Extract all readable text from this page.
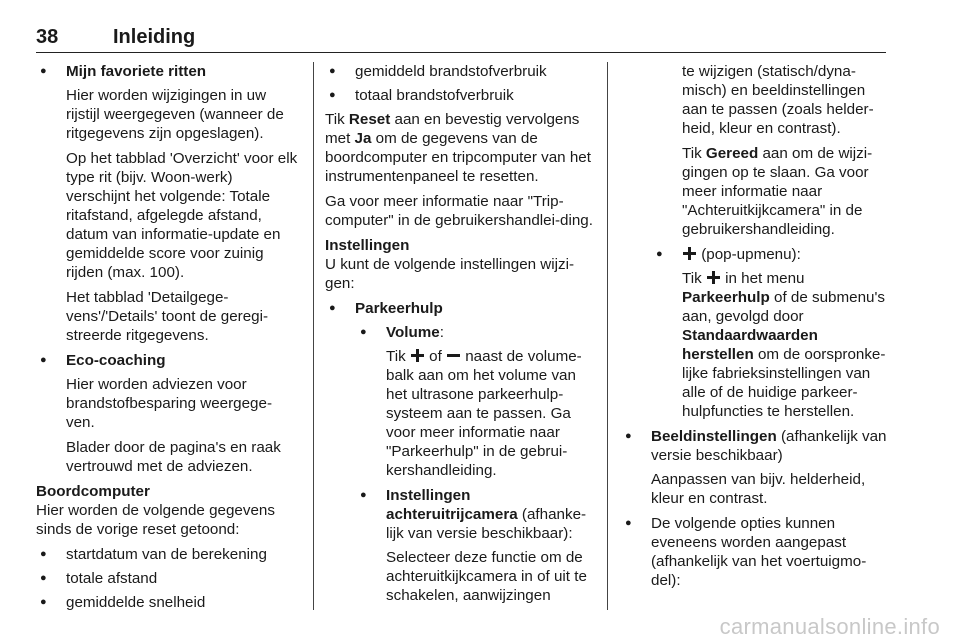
38	Inleiding
● Mijn favoriete ritten
Hier worden wijzigingen in uw rijstijl weergegeven (wanneer de ritgegevens zijn opgeslagen).
Op het tabblad 'Overzicht' voor elk type rit (bijv. Woon-werk) verschijnt het volgende: Totale ritafstand, afgelegde afstand, datum van informatie-update en gemiddelde score voor zuinig rijden (max. 100).
Het tabblad 'Detailgege-vens'/'Details' toont de geregi-streerde ritgegevens.
● Eco-coaching
Hier worden adviezen voor brandstofbesparing weergege-ven.
Blader door de pagina's en raak vertrouwd met de adviezen.
Boordcomputer
Hier worden de volgende gegevens sinds de vorige reset getoond:
● startdatum van de berekening
● totale afstand
● gemiddelde snelheid
● gemiddeld brandstofverbruik
● totaal brandstofverbruik
Tik Reset aan en bevestig vervolgens met Ja om de gegevens van de boordcomputer en tripcomputer van het instrumentenpaneel te resetten.
Ga voor meer informatie naar "Trip-computer" in de gebruikershandlei-ding.
Instellingen
U kunt de volgende instellingen wijzi-gen:
● Parkeerhulp
● Volume:
Tik  of  naast de volume-balk aan om het volume van het ultrasone parkeerhulp-systeem aan te passen. Ga voor meer informatie naar "Parkeerhulp" in de gebrui-kershandleiding.
● Instellingen achteruitrijcamera (afhanke-lijk van versie beschikbaar):
Selecteer deze functie om de achteruitkijkcamera in of uit te schakelen, aanwijzingen
te wijzigen (statisch/dyna-misch) en beeldinstellingen aan te passen (zoals helder-heid, kleur en contrast).
Tik Gereed aan om de wijzi-gingen op te slaan. Ga voor meer informatie naar "Achteruitkijkcamera" in de gebruikershandleiding.
● (pop-upmenu):
Tik  in het menu Parkeerhulp of de submenu's aan, gevolgd door Standaardwaarden herstellen om de oorspronke-lijke fabrieksinstellingen van alle of de huidige parkeer-hulpfuncties te herstellen.
● Beeldinstellingen (afhankelijk van versie beschikbaar)
Aanpassen van bijv. helderheid, kleur en contrast.
● De volgende opties kunnen eveneens worden aangepast (afhankelijk van het voertuigmo-del):
carmanualsonline.info
